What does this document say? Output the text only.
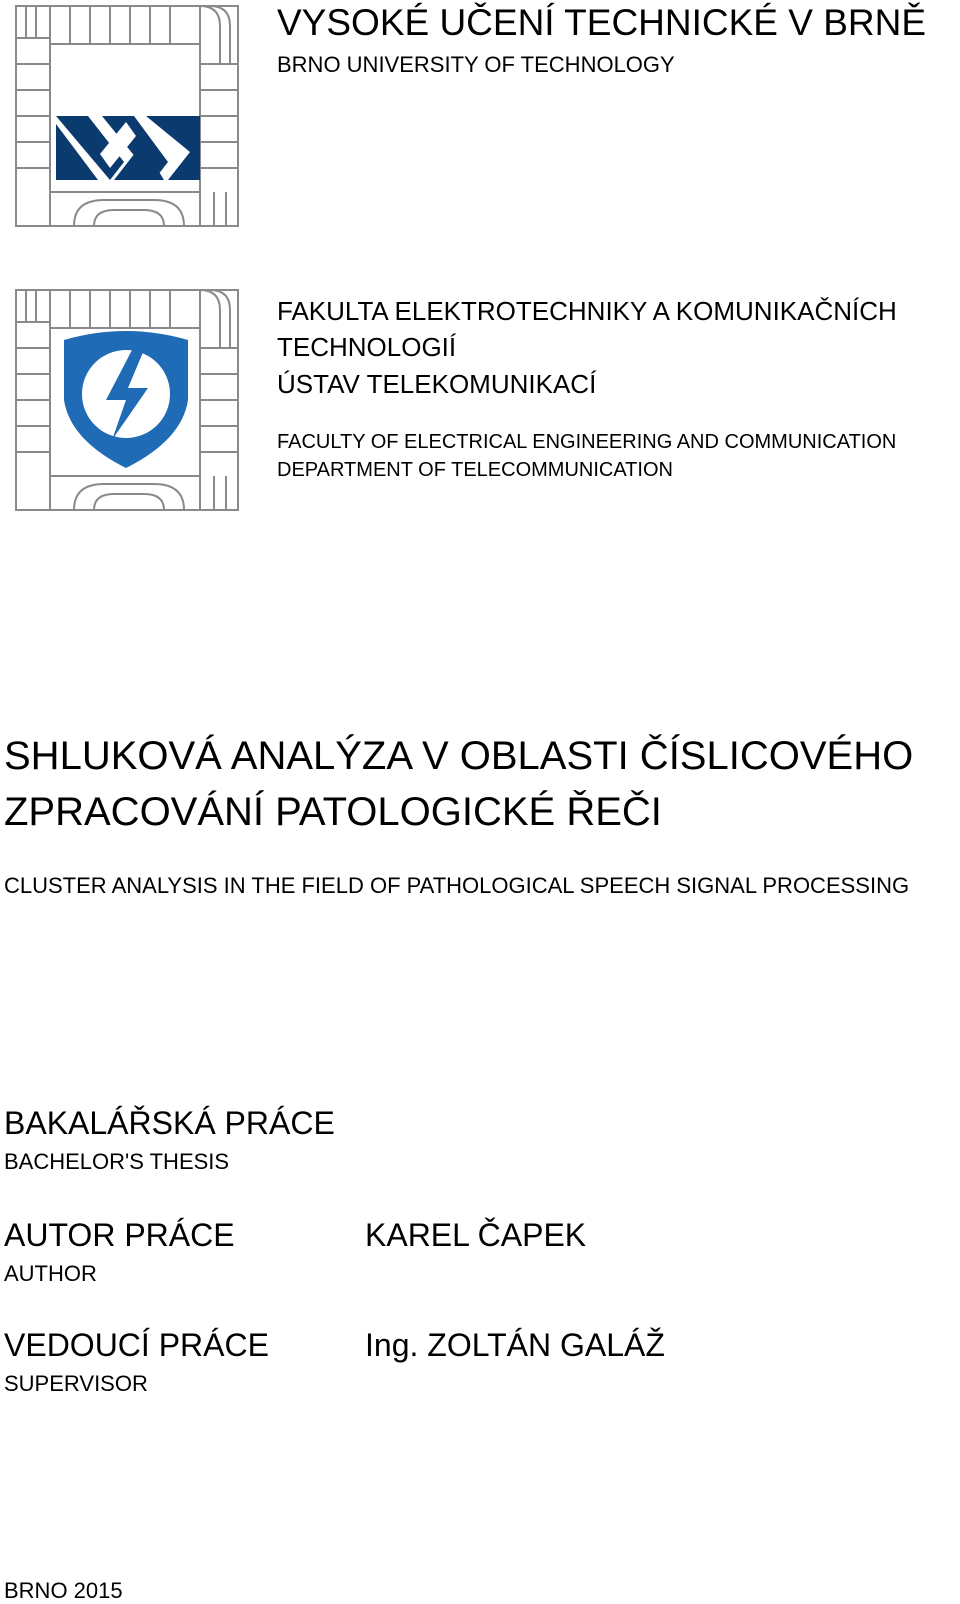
VYSOKÉ UČENÍ TECHNICKÉ V BRNĚ
BRNO UNIVERSITY OF TECHNOLOGY
FAKULTA ELEKTROTECHNIKY A KOMUNIKAČNÍCH
TECHNOLOGIÍ
ÚSTAV TELEKOMUNIKACÍ
FACULTY OF ELECTRICAL ENGINEERING AND COMMUNICATION
DEPARTMENT OF TELECOMMUNICATION
SHLUKOVÁ ANALÝZA V OBLASTI ČÍSLICOVÉHO
ZPRACOVÁNÍ PATOLOGICKÉ ŘEČI
CLUSTER ANALYSIS IN THE FIELD OF PATHOLOGICAL SPEECH SIGNAL PROCESSING
BAKALÁŘSKÁ PRÁCE
BACHELOR'S THESIS
AUTOR PRÁCE
AUTHOR
KAREL ČAPEK
VEDOUCÍ PRÁCE
SUPERVISOR
Ing. ZOLTÁN GALÁŽ
BRNO 2015
